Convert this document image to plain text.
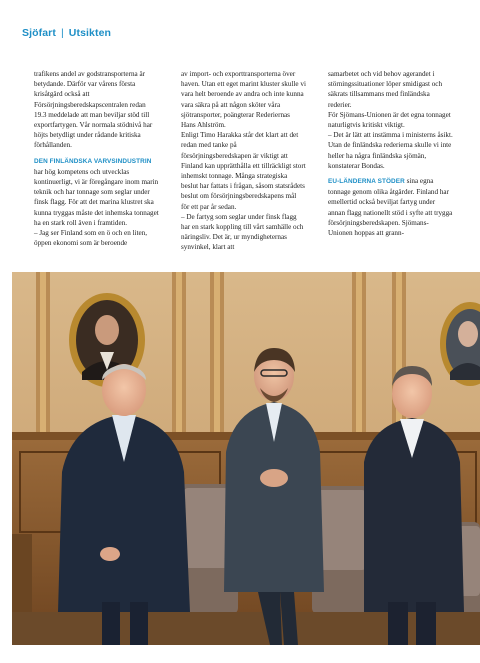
Sjöfart | Utsikten

trafikens andel av godstransporterna är betydande. Därför var vårens första krisåtgärd också att Försörjningsberedskapscentralen redan 19.3 meddelade att man beviljar stöd till exportfartygen. Vår normala stödnivå har höjts betydligt under rådande kritiska förhållanden.

DEN FINLÄNDSKA VARVSINDUSTRIN har hög kompetens och utvecklas kontinuerligt, vi är föregångare inom marin teknik och har tonnage som seglar under finsk flagg. För att det marina klustret ska kunna tryggas måste det inhemska tonnaget ha en stark roll även i framtiden.

– Jag ser Finland som en ö och en liten, öppen ekonomi som är beroende

av import- och exporttransporterna över haven. Utan ett eget marint kluster skulle vi vara helt beroende av andra och inte kunna vara säkra på att någon sköter våra sjötransporter, poängterar Rederiernas Hans Ahlström.

Enligt Timo Harakka står det klart att det redan med tanke på försörjningsberedskapen är viktigt att Finland kan upprätthålla ett tillräckligt stort inhemskt tonnage. Många strategiska beslut har fattats i frågan, såsom statsrådets beslut om försörjningsberedskapens mål för ett par år sedan.

– De fartyg som seglar under finsk flagg har en stark koppling till vårt samhälle och näringsliv. Det är, ur myndigheternas synvinkel, klart att

samarbetet och vid behov agerandet i störningssituationer löper smidigast och säkrats tillsammans med finländska rederier.

För Sjömans-Unionen är det egna tonnaget naturligtvis kritiskt viktigt.

– Det är lätt att instämma i ministerns åsikt. Utan de finländska rederierna skulle vi inte heller ha några finländska sjömän, konstaterar Bondas.

EU-LÄNDERNA STÖDER sina egna tonnage genom olika åtgärder. Finland har emellertid också beviljat fartyg under annan flagg nationellt stöd i syfte att trygga försörjningsberedskapen. Sjömans-Unionen hoppas att grann-

8 Albatrossi | Albatrossen
